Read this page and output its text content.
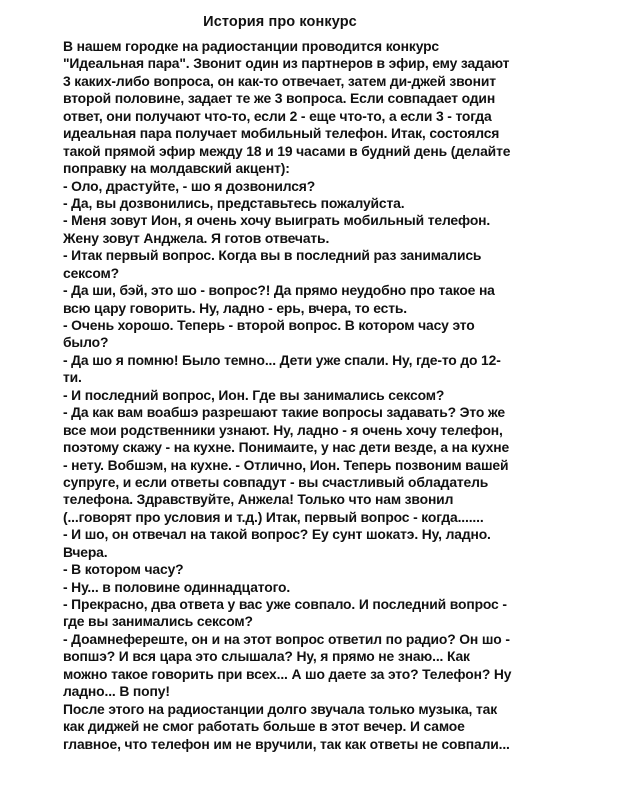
История про конкурс
В нашем городке на радиостанции проводится конкурс
"Идеальная пара". Звонит один из партнеров в эфир, ему задают
3 каких-либо вопроса, он как-то отвечает, затем ди-джей звонит
второй половине, задает те же 3 вопроса. Если совпадает один
ответ, они получают что-то, если 2 - еще что-то, а если 3 - тогда
идеальная пара получает мобильный телефон. Итак, состоялся
такой прямой эфир между 18 и 19 часами в будний день (делайте
поправку на молдавский акцент):
- Оло, драстуйте, - шо я дозвонился?
- Да, вы дозвонились, представьтесь пожалуйста.
- Меня зовут Ион, я очень хочу выиграть мобильный телефон.
Жену зовут Анджела. Я готов отвечать.
- Итак первый вопрос. Когда вы в последний раз занимались
сексом?
- Да ши, бэй, это шо - вопрос?! Да прямо неудобно про такое на
всю цару говорить. Ну, ладно - ерь, вчера, то есть.
- Очень хорошо. Теперь - второй вопрос. В котором часу это
было?
- Да шо я помню! Было темно... Дети уже спали. Ну, где-то до 12-
ти.
- И последний вопрос, Ион. Где вы занимались сексом?
- Да как вам воабшэ разрешают такие вопросы задавать? Это же
все мои родственники узнают. Ну, ладно - я очень хочу телефон,
поэтому скажу - на кухне. Понимаите, у нас дети везде, а на кухне
- нету. Вобшэм, на кухне. - Отлично, Ион. Теперь позвоним вашей
супруге, и если ответы совпадут - вы счастливый обладатель
телефона. Здравствуйте, Анжела! Только что нам звонил
(...говорят про условия и т.д.) Итак, первый вопрос - когда.......
- И шо, он отвечал на такой вопрос? Еу сунт шокатэ. Ну, ладно.
Вчера.
- В котором часу?
- Ну... в половине одиннадцатого.
- Прекрасно, два ответа у вас уже совпало. И последний вопрос -
где вы занимались сексом?
- Доамнеферeште, он и на этот вопрос ответил по радио? Он шо -
вопшэ? И вся цара это слышала? Ну, я прямо не знаю... Как
можно такое говорить при всех... А шо даете за это? Телефон? Ну
ладно... В попу!
После этого на радиостанции долго звучала только музыка, так
как диджей не смог работать больше в этот вечер. И самое
главное, что телефон им не вручили, так как ответы не совпали...
